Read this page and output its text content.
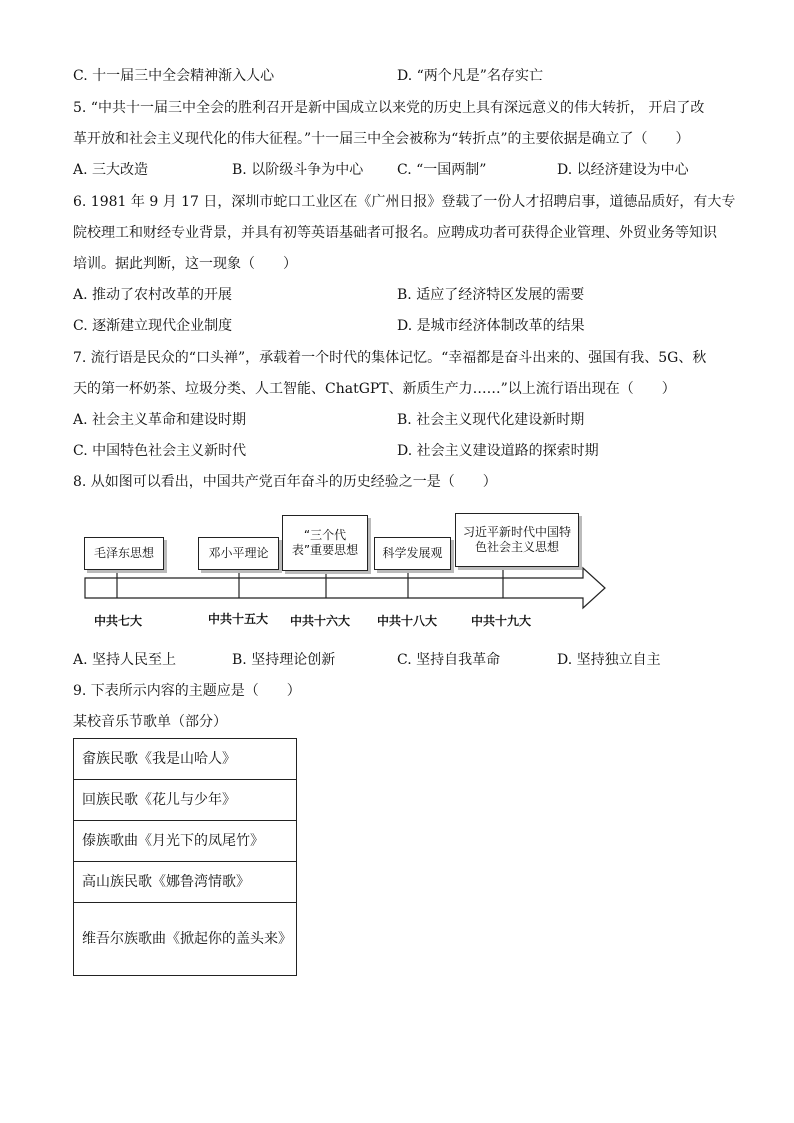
C. 十一届三中全会精神渐入人心	D. “两个凡是”名存实亡
5. “中共十一届三中全会的胜利召开是新中国成立以来党的历史上具有深远意义的伟大转折， 开启了改
革开放和社会主义现代化的伟大征程。”十一届三中全会被称为“转折点”的主要依据是确立了（　　）
A. 三大改造	B. 以阶级斗争为中心 C. “一国两制”	D. 以经济建设为中心
6. 1981 年 9 月 17 日，深圳市蛇口工业区在《广州日报》登载了一份人才招聘启事，道德品质好，有大专
院校理工和财经专业背景，并具有初等英语基础者可报名。应聘成功者可获得企业管理、外贸业务等知识
培训。据此判断，这一现象（　　）
A. 推动了农村改革的开展	B. 适应了经济特区发展的需要
C. 逐渐建立现代企业制度	D. 是城市经济体制改革的结果
7. 流行语是民众的“口头禅”，承载着一个时代的集体记忆。“幸福都是奋斗出来的、强国有我、5G、秋
天的第一杯奶茶、垃圾分类、人工智能、ChatGPT、新质生产力……”以上流行语出现在（　　）
A. 社会主义革命和建设时期	B. 社会主义现代化建设新时期
C. 中国特色社会主义新时代	D. 社会主义建设道路的探索时期
8. 从如图可以看出，中国共产党百年奋斗的历史经验之一是（　　）
毛泽东思想	邓小平理论
“三个代表”重要思想	科学发展观
习近平新时代中国特色社会主义思想
中共七大	中共十五大 中共十六大 中共十八大	中共十九大
A. 坚持人民至上	B. 坚持理论创新	C. 坚持自我革命	D. 坚持独立自主
9. 下表所示内容的主题应是（　　）
某校音乐节歌单（部分）
畲族民歌《我是山哈人》
回族民歌《花儿与少年》
傣族歌曲《月光下的凤尾竹》
高山族民歌《娜鲁湾情歌》
维吾尔族歌曲《掀起你的盖头来》
